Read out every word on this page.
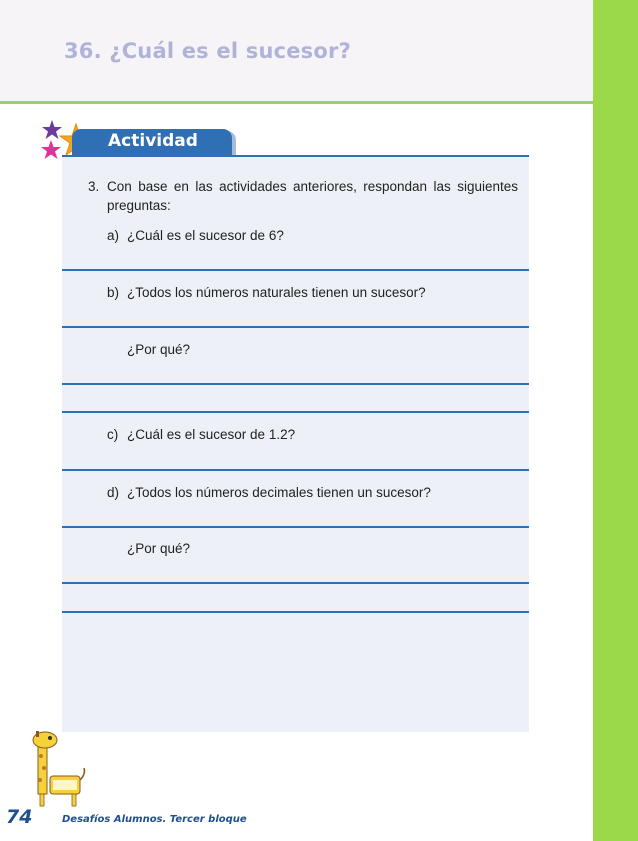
36. ¿Cuál es el sucesor?
Actividad
3. Con base en las actividades anteriores, respondan las siguientes preguntas:
a) ¿Cuál es el sucesor de 6?
b) ¿Todos los números naturales tienen un sucesor?
¿Por qué?
c) ¿Cuál es el sucesor de 1.2?
d) ¿Todos los números decimales tienen un sucesor?
¿Por qué?
74	Desafíos Alumnos. Tercer bloque
